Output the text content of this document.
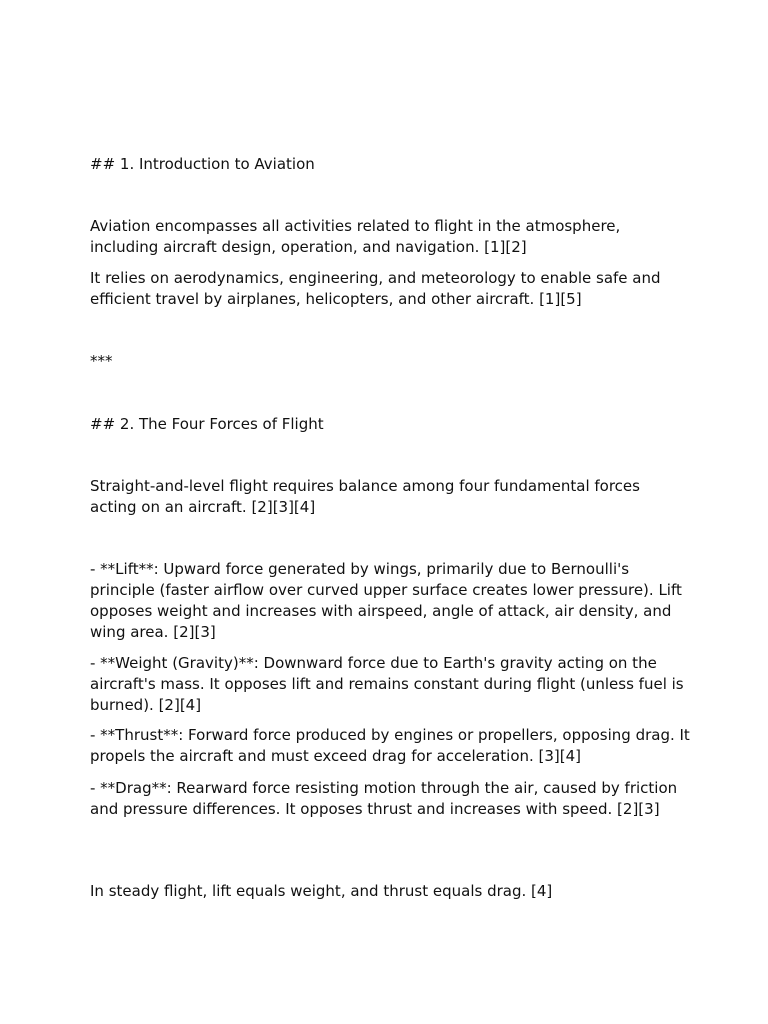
## 1. Introduction to Aviation

Aviation encompasses all activities related to flight in the atmosphere, including aircraft design, operation, and navigation. [1][2]

It relies on aerodynamics, engineering, and meteorology to enable safe and efficient travel by airplanes, helicopters, and other aircraft. [1][5]

***

## 2. The Four Forces of Flight

Straight-and-level flight requires balance among four fundamental forces acting on an aircraft. [2][3][4]

- **Lift**: Upward force generated by wings, primarily due to Bernoulli's principle (faster airflow over curved upper surface creates lower pressure). Lift opposes weight and increases with airspeed, angle of attack, air density, and wing area. [2][3]

- **Weight (Gravity)**: Downward force due to Earth's gravity acting on the aircraft's mass. It opposes lift and remains constant during flight (unless fuel is burned). [2][4]

- **Thrust**: Forward force produced by engines or propellers, opposing drag. It propels the aircraft and must exceed drag for acceleration. [3][4]

- **Drag**: Rearward force resisting motion through the air, caused by friction and pressure differences. It opposes thrust and increases with speed. [2][3]

In steady flight, lift equals weight, and thrust equals drag. [4]
